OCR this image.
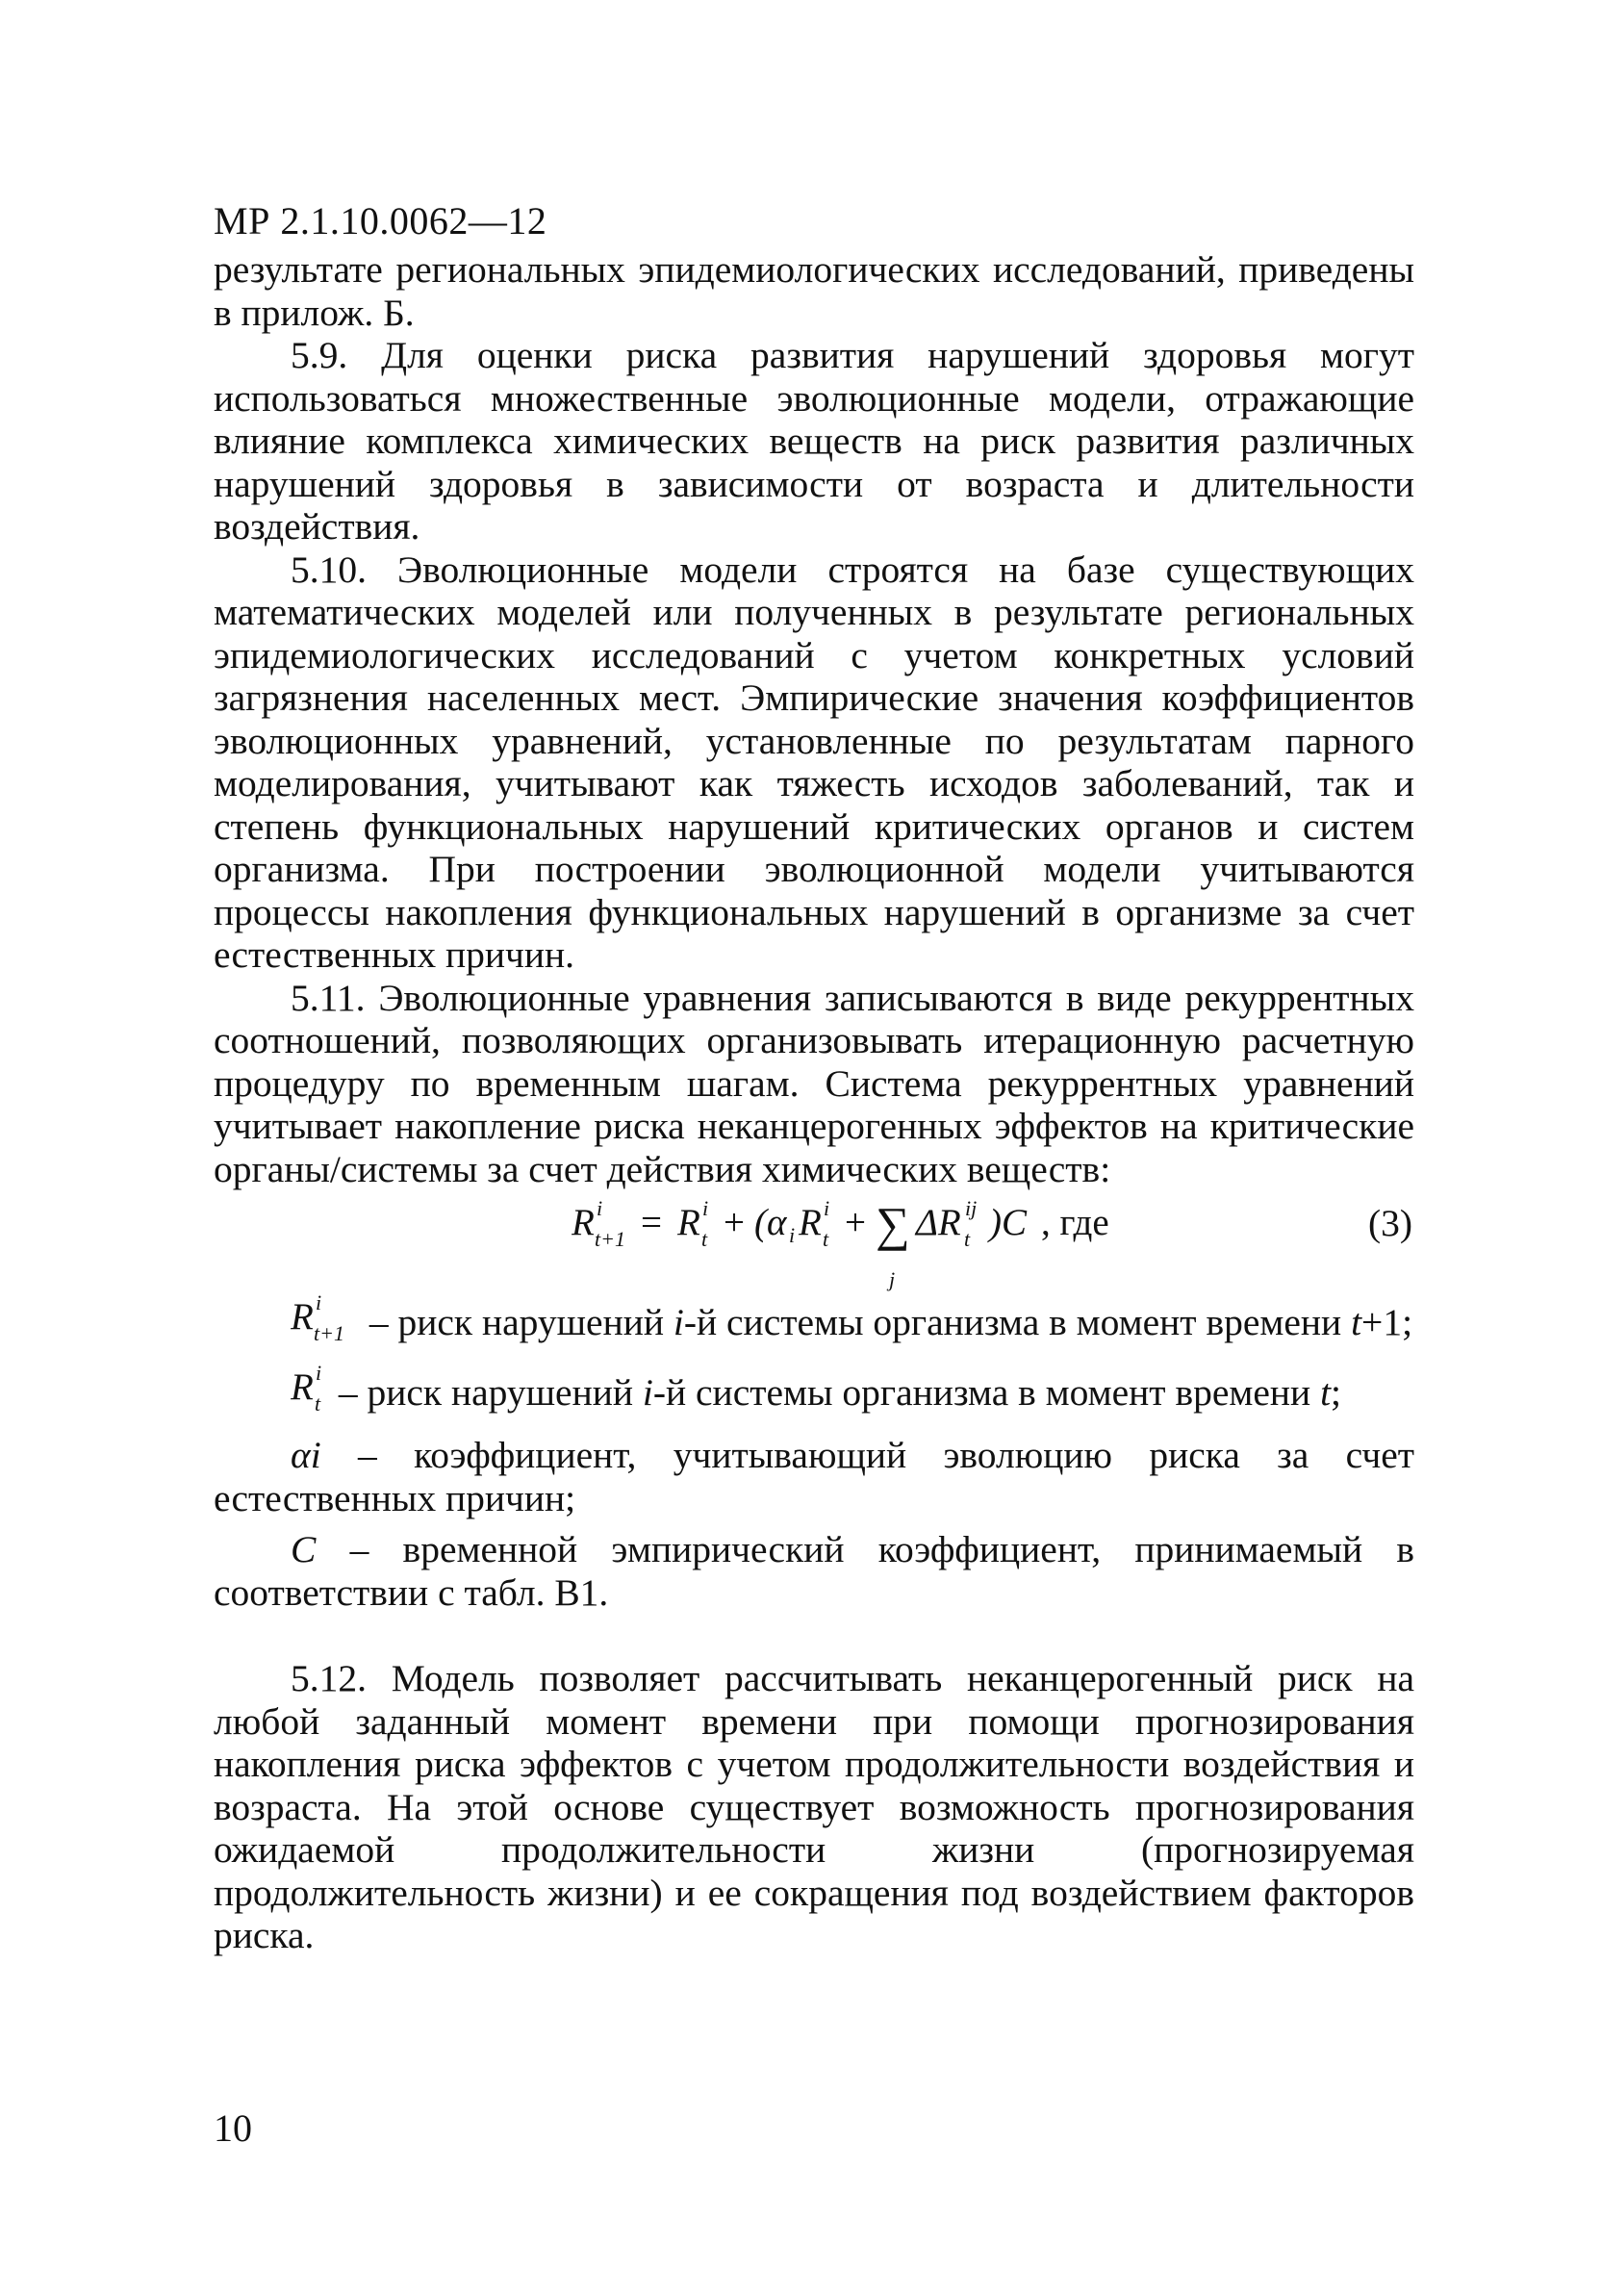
МР 2.1.10.0062—12

результате региональных эпидемиологических исследований, приведены в прилож. Б.

5.9. Для оценки риска развития нарушений здоровья могут использоваться множественные эволюционные модели, отражающие влияние комплекса химических веществ на риск развития различных нарушений здоровья в зависимости от возраста и длительности воздействия.

5.10. Эволюционные модели строятся на базе существующих математических моделей или полученных в результате региональных эпидемиологических исследований с учетом конкретных условий загрязнения населенных мест. Эмпирические значения коэффициентов эволюционных уравнений, установленные по результатам парного моделирования, учитывают как тяжесть исходов заболеваний, так и степень функциональных нарушений критических органов и систем организма. При построении эволюционной модели учитываются процессы накопления функциональных нарушений в организме за счет естественных причин.

5.11. Эволюционные уравнения записываются в виде рекуррентных соотношений, позволяющих организовывать итерационную расчетную процедуру по временным шагам. Система рекуррентных уравнений учитывает накопление риска неканцерогенных эффектов на критические органы/системы за счет действия химических веществ:

R i
t+1 = R i
t + (α i R i
t + ∑
j
ΔR ij
t )C , где	(3)
R i
t+1 – риск нарушений i-й системы организма в момент времени t+1;
R i
t – риск нарушений i-й системы организма в момент времени t;
αi – коэффициент, учитывающий эволюцию риска за счет естественных причин;
С – временной эмпирический коэффициент, принимаемый в соответствии с табл. В1.

5.12. Модель позволяет рассчитывать неканцерогенный риск на любой заданный момент времени при помощи прогнозирования накопления риска эффектов с учетом продолжительности воздействия и возраста. На этой основе существует возможность прогнозирования ожидаемой продолжительности жизни (прогнозируемая продолжительность жизни) и ее сокращения под воздействием факторов риска.

10
